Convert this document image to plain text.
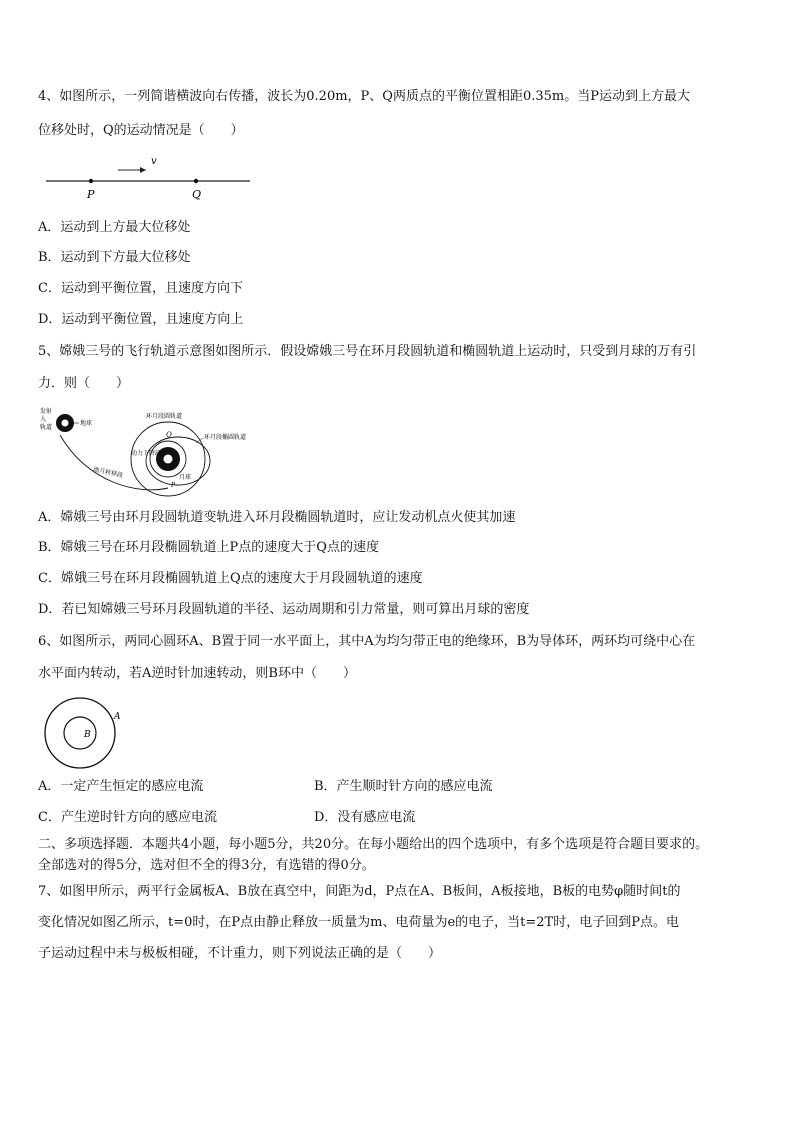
4、如图所示，一列简谐横波向右传播，波长为0.20m，P、Q两质点的平衡位置相距0.35m。当P运动到上方最大
位移处时，Q的运动情况是（　　）
v
P	Q
A．运动到上方最大位移处
B．运动到下方最大位移处
C．运动到平衡位置，且速度方向下
D．运动到平衡位置，且速度方向上
5、嫦娥三号的飞行轨道示意图如图所示．假设嫦娥三号在环月段圆轨道和椭圆轨道上运动时，只受到月球的万有引
力．则（　　）
发射入轨道
地球
地月转移段
环月段圆轨道
Q	环月段椭圆轨道
动力下降段
月球
P
A．嫦娥三号由环月段圆轨道变轨进入环月段椭圆轨道时，应让发动机点火使其加速
B．嫦娥三号在环月段椭圆轨道上P点的速度大于Q点的速度
C．嫦娥三号在环月段椭圆轨道上Q点的速度大于月段圆轨道的速度
D．若已知嫦娥三号环月段圆轨道的半径、运动周期和引力常量，则可算出月球的密度
6、如图所示，两同心圆环A、B置于同一水平面上，其中A为均匀带正电的绝缘环，B为导体环，两环均可绕中心在
水平面内转动，若A逆时针加速转动，则B环中（　　）
A
B
A．一定产生恒定的感应电流	B．产生顺时针方向的感应电流
C．产生逆时针方向的感应电流	D．没有感应电流
二、多项选择题．本题共4小题，每小题5分，共20分。在每小题给出的四个选项中，有多个选项是符合题目要求的。
全部选对的得5分，选对但不全的得3分，有选错的得0分。
7、如图甲所示，两平行金属板A、B放在真空中，间距为d，P点在A、B板间，A板接地，B板的电势φ随时间t的
变化情况如图乙所示，t=0时，在P点由静止释放一质量为m、电荷量为e的电子，当t=2T时，电子回到P点。电
子运动过程中未与极板相碰，不计重力，则下列说法正确的是（　　）
